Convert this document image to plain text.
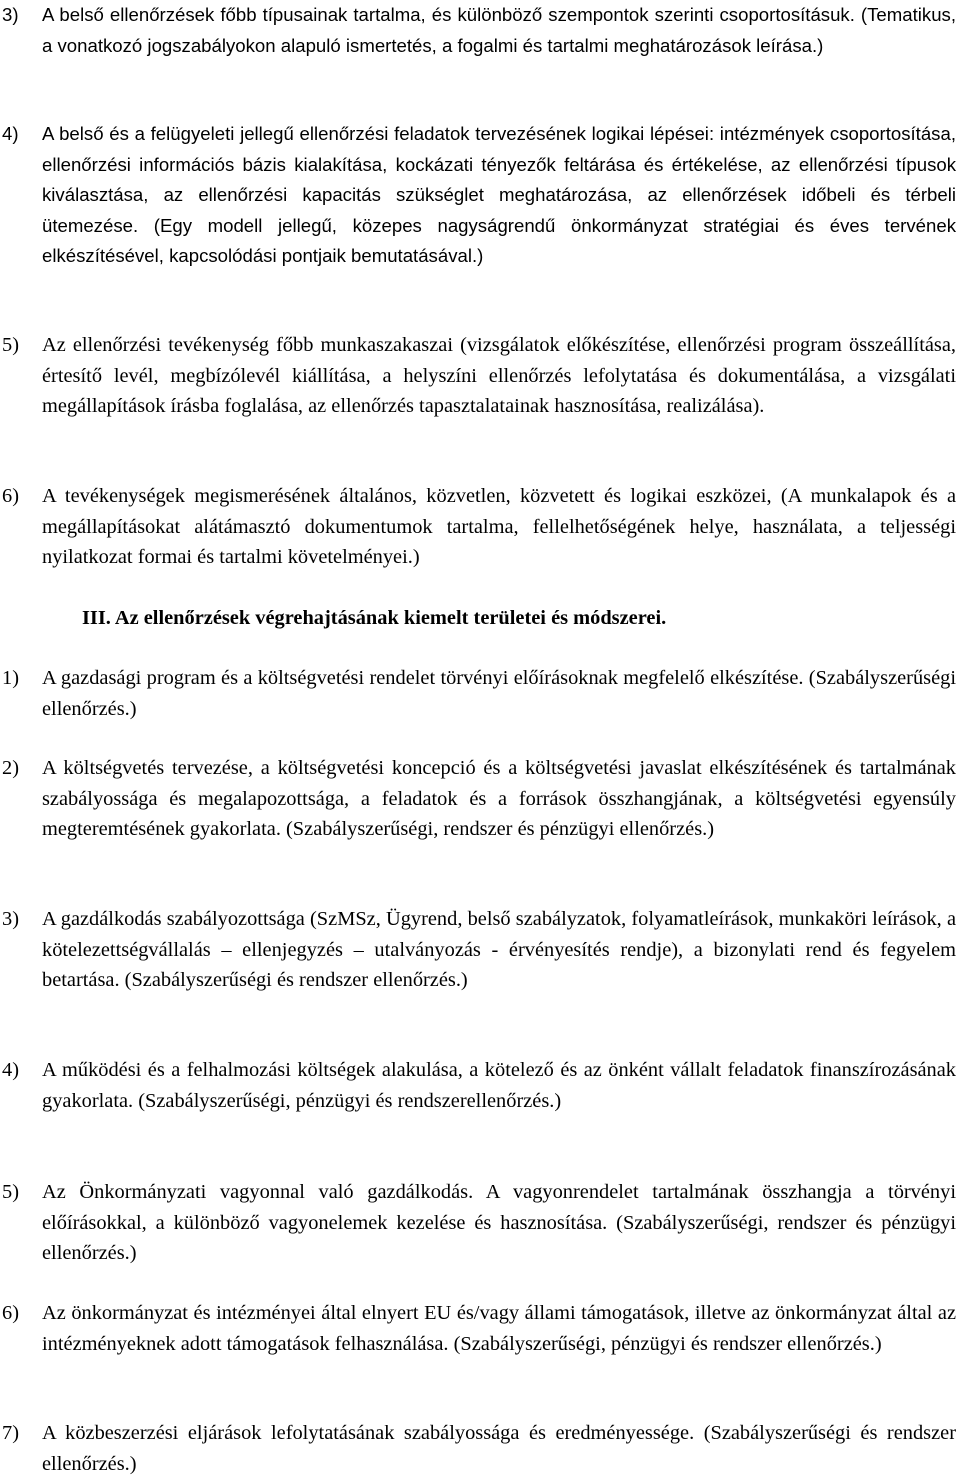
3)	A belső ellenőrzések főbb típusainak tartalma, és különböző szempontok szerinti csoportosításuk. (Tematikus, a vonatkozó jogszabályokon alapuló ismertetés, a fogalmi és tartalmi meghatározások leírása.)
4)	A belső és a felügyeleti jellegű ellenőrzési feladatok tervezésének logikai lépései: intézmények csoportosítása, ellenőrzési információs bázis kialakítása, kockázati tényezők feltárása és értékelése, az ellenőrzési típusok kiválasztása, az ellenőrzési kapacitás szükséglet meghatározása, az ellenőrzések időbeli és térbeli ütemezése. (Egy modell jellegű, közepes nagyságrendű önkormányzat stratégiai és éves tervének elkészítésével, kapcsolódási pontjaik bemutatásával.)
5)	Az ellenőrzési tevékenység főbb munkaszakaszai (vizsgálatok előkészítése, ellenőrzési program összeállítása, értesítő levél, megbízólevél kiállítása, a helyszíni ellenőrzés lefolytatása és dokumentálása, a vizsgálati megállapítások írásba foglalása, az ellenőrzés tapasztalatainak hasznosítása, realizálása).
6)	A tevékenységek megismerésének általános, közvetlen, közvetett és logikai eszközei, (A munkalapok és a megállapításokat alátámasztó dokumentumok tartalma, fellelhetőségének helye, használata, a teljességi nyilatkozat formai és tartalmi követelményei.)
III. Az ellenőrzések végrehajtásának kiemelt területei és módszerei.
1)	A gazdasági program és a költségvetési rendelet törvényi előírásoknak megfelelő elkészítése. (Szabályszerűségi ellenőrzés.)
2)	A költségvetés tervezése, a költségvetési koncepció és a költségvetési javaslat elkészítésének és tartalmának szabályossága és megalapozottsága, a feladatok és a források összhangjának, a költségvetési egyensúly megteremtésének gyakorlata. (Szabályszerűségi, rendszer és pénzügyi ellenőrzés.)
3)	A gazdálkodás szabályozottsága (SzMSz, Ügyrend, belső szabályzatok, folyamatleírások, munkaköri leírások, a kötelezettségvállalás – ellenjegyzés – utalványozás - érvényesítés rendje), a bizonylati rend és fegyelem betartása. (Szabályszerűségi és rendszer ellenőrzés.)
4)	A működési és a felhalmozási költségek alakulása, a kötelező és az önként vállalt feladatok finanszírozásának gyakorlata. (Szabályszerűségi, pénzügyi és rendszerellenőrzés.)
5)	Az Önkormányzati vagyonnal való gazdálkodás. A vagyonrendelet tartalmának összhangja a törvényi előírásokkal, a különböző vagyonelemek kezelése és hasznosítása. (Szabályszerűségi, rendszer és pénzügyi ellenőrzés.)
6)	Az önkormányzat és intézményei által elnyert EU és/vagy állami támogatások, illetve az önkormányzat által az intézményeknek adott támogatások felhasználása. (Szabályszerűségi, pénzügyi és rendszer ellenőrzés.)
7)	A közbeszerzési eljárások lefolytatásának szabályossága és eredményessége. (Szabályszerűségi és rendszer ellenőrzés.)
